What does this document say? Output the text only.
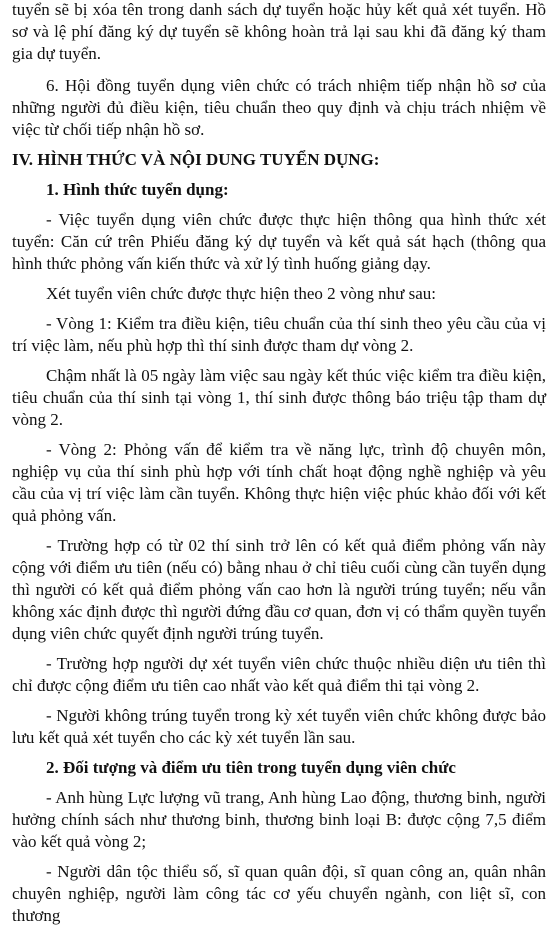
tuyển sẽ bị xóa tên trong danh sách dự tuyển hoặc hủy kết quả xét tuyển. Hồ sơ và lệ phí đăng ký dự tuyển sẽ không hoàn trả lại sau khi đã đăng ký tham gia dự tuyển.

6. Hội đồng tuyển dụng viên chức có trách nhiệm tiếp nhận hồ sơ của những người đủ điều kiện, tiêu chuẩn theo quy định và chịu trách nhiệm về việc từ chối tiếp nhận hồ sơ.

IV. HÌNH THỨC VÀ NỘI DUNG TUYỂN DỤNG:

1. Hình thức tuyển dụng:

- Việc tuyển dụng viên chức được thực hiện thông qua hình thức xét tuyển: Căn cứ trên Phiếu đăng ký dự tuyển và kết quả sát hạch (thông qua hình thức phỏng vấn kiến thức và xử lý tình huống giảng dạy.

Xét tuyển viên chức được thực hiện theo 2 vòng như sau:

- Vòng 1: Kiểm tra điều kiện, tiêu chuẩn của thí sinh theo yêu cầu của vị trí việc làm, nếu phù hợp thì thí sinh được tham dự vòng 2.

Chậm nhất là 05 ngày làm việc sau ngày kết thúc việc kiểm tra điều kiện, tiêu chuẩn của thí sinh tại vòng 1, thí sinh được thông báo triệu tập tham dự vòng 2.

- Vòng 2: Phỏng vấn để kiểm tra về năng lực, trình độ chuyên môn, nghiệp vụ của thí sinh phù hợp với tính chất hoạt động nghề nghiệp và yêu cầu của vị trí việc làm cần tuyển. Không thực hiện việc phúc khảo đối với kết quả phỏng vấn.

- Trường hợp có từ 02 thí sinh trở lên có kết quả điểm phỏng vấn này cộng với điểm ưu tiên (nếu có) bằng nhau ở chỉ tiêu cuối cùng cần tuyển dụng thì người có kết quả điểm phỏng vấn cao hơn là người trúng tuyển; nếu vẫn không xác định được thì người đứng đầu cơ quan, đơn vị có thẩm quyền tuyển dụng viên chức quyết định người trúng tuyển.

- Trường hợp người dự xét tuyển viên chức thuộc nhiều diện ưu tiên thì chỉ được cộng điểm ưu tiên cao nhất vào kết quả điểm thi tại vòng 2.

- Người không trúng tuyển trong kỳ xét tuyển viên chức không được bảo lưu kết quả xét tuyển cho các kỳ xét tuyển lần sau.

2. Đối tượng và điểm ưu tiên trong tuyển dụng viên chức

- Anh hùng Lực lượng vũ trang, Anh hùng Lao động, thương binh, người hưởng chính sách như thương binh, thương binh loại B: được cộng 7,5 điểm vào kết quả vòng 2;

- Người dân tộc thiểu số, sĩ quan quân đội, sĩ quan công an, quân nhân chuyên nghiệp, người làm công tác cơ yếu chuyển ngành, con liệt sĩ, con thương
